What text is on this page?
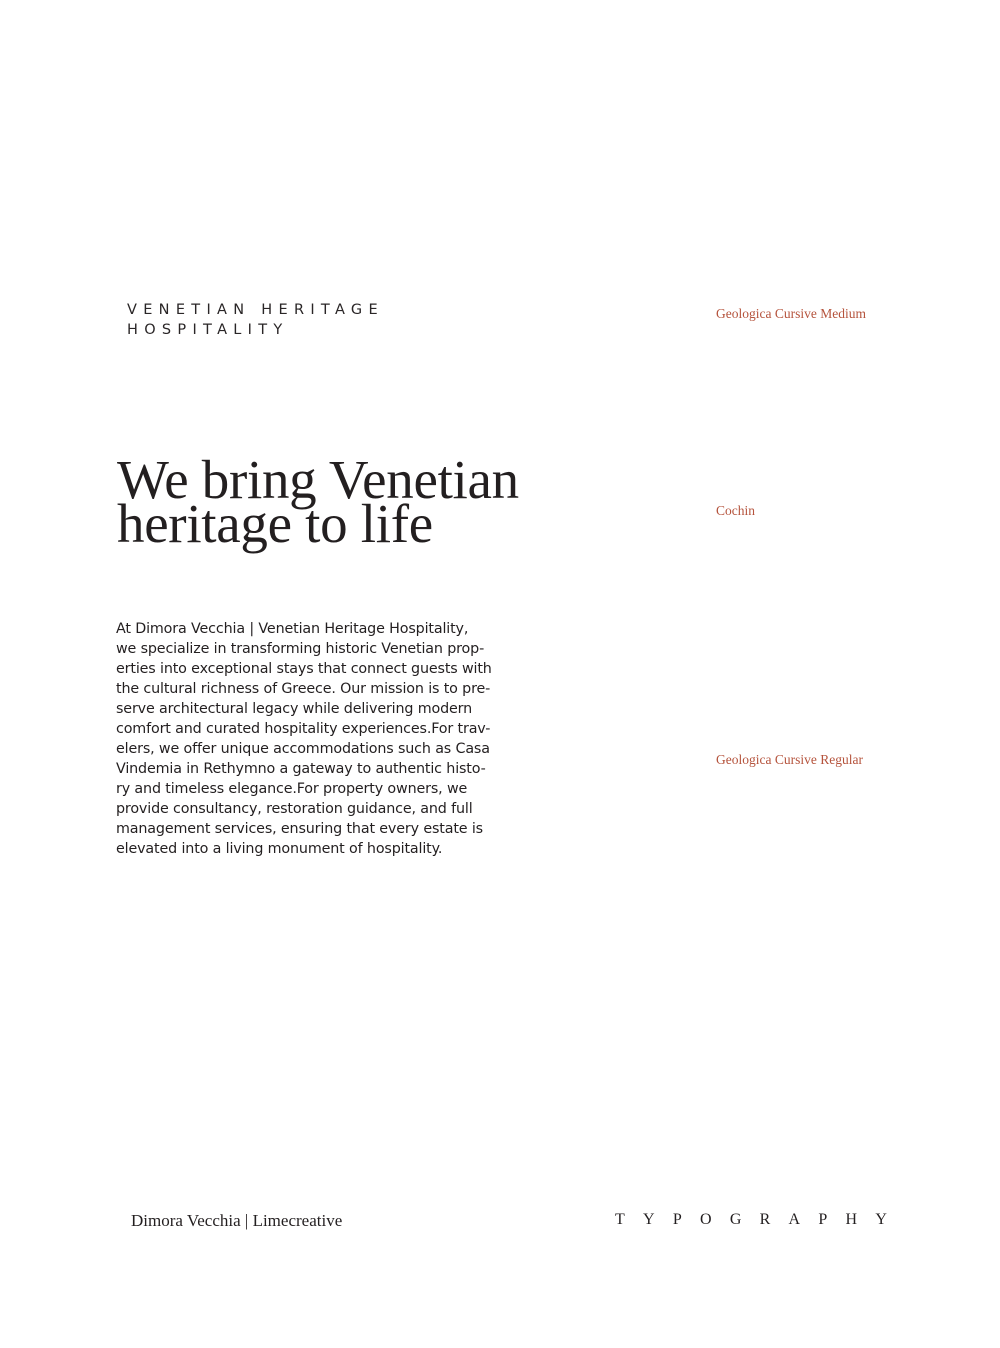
VENETIAN HERITAGE
HOSPITALITY
Geologica Cursive Medium
We bring Venetian
heritage to life	Cochin
At Dimora Vecchia | Venetian Heritage Hospitality,
we specialize in transforming historic Venetian prop-
erties into exceptional stays that connect guests with
the cultural richness of Greece. Our mission is to pre-
serve architectural legacy while delivering modern
comfort and curated hospitality experiences.For trav-
elers, we offer unique accommodations such as Casa
Vindemia in Rethymno a gateway to authentic histo-
ry and timeless elegance.For property owners, we
provide consultancy, restoration guidance, and full
management services, ensuring that every estate is
elevated into a living monument of hospitality.
Geologica Cursive Regular
Dimora Vecchia | Limecreative	T Y P O G R A P H Y
